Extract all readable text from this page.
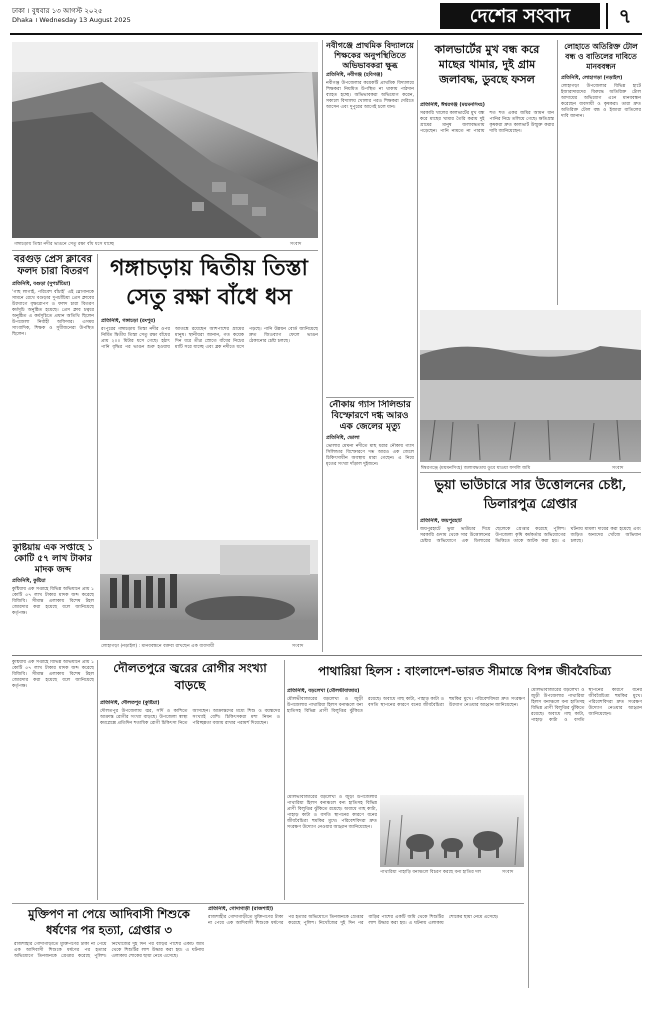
ঢাকা । বুধবার ১৩ আগস্ট ২০২৫
Dhaka । Wednesday 13 August 2025	দেশের সংবাদ	৭
গঙ্গাচড়ায় তিস্তা নদীর ভাঙনে সেতু রক্ষা বাঁধ ধসে যাচ্ছে	সংবাদ
বরগুড় প্রেস ক্লাবের ফলদ চারা বিতরণ
প্রতিনিধি, বগুড়া (দুপচাঁচিয়া)
‘গাছ লাগাই, পরিবেশ বাঁচাই’ এই স্লোগানকে সামনে রেখে বগুড়ার দুপচাঁচিয়া প্রেস ক্লাবের উদ্যোগে বৃক্ষরোপণ ও ফলদ চারা বিতরণ কর্মসূচি অনুষ্ঠিত হয়েছে। প্রেস ক্লাব চত্বরে অনুষ্ঠিত এ কর্মসূচিতে প্রধান অতিথি ছিলেন উপজেলা নির্বাহী অফিসার। এসময় সাংবাদিক, শিক্ষক ও সুধীজনেরা উপস্থিত ছিলেন।
গঙ্গাচড়ায় দ্বিতীয় তিস্তা সেতু রক্ষা বাঁধে ধস
প্রতিনিধি, গঙ্গাচড়া (রংপুর)
রংপুরের গঙ্গাচড়ায় তিস্তা নদীর ওপর নির্মিত দ্বিতীয় তিস্তা সেতু রক্ষা বাঁধের প্রায় ২০০ মিটার ধসে গেছে। হঠাৎ পানি বৃদ্ধির পর ভাঙন শুরু হওয়ায় আতঙ্কে রয়েছেন আশপাশের গ্রামের মানুষ। স্থানীয়রা জানান, গত কয়েক দিন ধরে তীব্র স্রোতে বাঁধের নিচের মাটি সরে যাচ্ছে এবং ব্লক নদীতে ধসে পড়ছে। পানি উন্নয়ন বোর্ড জানিয়েছে দ্রুত জিওব্যাগ ফেলে ভাঙন ঠেকানোর চেষ্টা চলছে।
কুষ্টিয়ায় এক সপ্তাহে ১ কোটি ৫৭ লাখ টাকার মাদক জব্দ
প্রতিনিধি, কুষ্টিয়া
কুষ্টিয়ায় এক সপ্তাহে বিভিন্ন অভিযানে প্রায় ১ কোটি ৫৭ লাখ টাকার মাদক জব্দ করেছে বিজিবি। সীমান্ত এলাকায় বিশেষ টহল জোরদার করা হয়েছে বলে জানিয়েছে কর্তৃপক্ষ।
লোহাগড়া (নড়াইল) : মানববন্ধনে বক্তব্য রাখছেন এক ব্যবসায়ী	সংবাদ
নবীগঞ্জে প্রাথমিক বিদ্যালয়ে শিক্ষকের অনুপস্থিতিতে অভিভাবকরা ক্ষুব্ধ
প্রতিনিধি, নবীগঞ্জ (হবিগঞ্জ)
নবীগঞ্জ উপজেলার কয়েকটি প্রাথমিক বিদ্যালয়ে শিক্ষকরা নিয়মিত উপস্থিত না থাকায় পাঠদান ব্যাহত হচ্ছে। অভিভাবকরা অভিযোগ করেন, সকালে বিদ্যালয় খোলার পরও শিক্ষকরা দেরিতে আসেন এবং দুপুরের আগেই চলে যান।
নৌকায় গ্যাস সিলিন্ডার বিস্ফোরণে দগ্ধ আরও এক জেলের মৃত্যু
প্রতিনিধি, ভোলা
ভোলার মেঘনা নদীতে মাছ ধরার নৌকায় গ্যাস সিলিন্ডার বিস্ফোরণে দগ্ধ আরও এক জেলে চিকিৎসাধীন অবস্থায় মারা গেছেন। এ নিয়ে মৃতের সংখ্যা দাঁড়াল দুইজনে।
কালভার্টের মুখ বন্ধ করে মাছের খামার, দুই গ্রাম জলাবদ্ধ, ডুবছে ফসল
প্রতিনিধি, ঈশ্বরগঞ্জ (ময়মনসিংহ)
সরকারি খালের কালভার্টের মুখ বন্ধ করে মাছের খামার তৈরি করায় দুই গ্রামের মানুষ জলাবদ্ধতায় পড়েছেন। পানি নামতে না পারায় শত শত একর জমির আমন ধান পানির নিচে তলিয়ে গেছে। ক্ষতিগ্রস্ত কৃষকরা দ্রুত কালভার্ট উন্মুক্ত করার দাবি জানিয়েছেন।
লোহাতে অতিরিক্ত টোল বন্ধ ও বাতিলের দাবিতে মানববন্ধন
প্রতিনিধি, লোহাগড়া (নড়াইল)
লোহাগড়া উপজেলার বিভিন্ন হাটে ইজারাদারদের বিরুদ্ধে অতিরিক্ত টোল আদায়ের অভিযোগ এনে মানববন্ধন করেছেন ব্যবসায়ী ও কৃষকরা। তারা দ্রুত অতিরিক্ত টোল বন্ধ ও ইজারা বাতিলের দাবি জানান।
ঈশ্বরগঞ্জে (ময়মনসিংহ) জলাবদ্ধতায় ডুবে যাওয়া ফসলি জমি	সংবাদ
ভুয়া ভাউচারে সার উত্তোলনের চেষ্টা, ডিলারপুত্র গ্রেপ্তার
প্রতিনিধি, জয়পুরহাট
জয়পুরহাটে ভুয়া ভাউচার দিয়ে সরকারি গুদাম থেকে সার উত্তোলনের চেষ্টার অভিযোগে এক ডিলারের ছেলেকে গ্রেপ্তার করেছে পুলিশ। উপজেলা কৃষি কর্মকর্তার অভিযোগের ভিত্তিতে তাকে আটক করা হয়। এ ঘটনায় মামলা দায়ের করা হয়েছে এবং জড়িত অন্যদের খোঁজে অভিযান চলছে।
দৌলতপুরে জ্বরের রোগীর সংখ্যা বাড়ছে
প্রতিনিধি, দৌলতপুর (কুষ্টিয়া)
দৌলতপুর উপজেলায় জ্বর, সর্দি ও কাশিতে আক্রান্ত রোগীর সংখ্যা বাড়ছে। উপজেলা স্বাস্থ্য কমপ্লেক্সে প্রতিদিন শতাধিক রোগী চিকিৎসা নিতে আসছেন। আক্রান্তদের মধ্যে শিশু ও বয়স্কদের সংখ্যাই বেশি। চিকিৎসকরা মশা নিধন ও পরিচ্ছন্নতা বজায় রাখার পরামর্শ দিয়েছেন।
কুষ্টিয়ায় এক সপ্তাহে বিভিন্ন অভিযানে প্রায় ১ কোটি ৫৭ লাখ টাকার মাদক জব্দ করেছে বিজিবি। সীমান্ত এলাকায় বিশেষ টহল জোরদার করা হয়েছে বলে জানিয়েছে কর্তৃপক্ষ।
পাথারিয়া হিলস : বাংলাদেশ-ভারত সীমান্তে বিপন্ন জীববৈচিত্র্য
প্রতিনিধি, বড়লেখা (মৌলভীবাজার)
মৌলভীবাজারের বড়লেখা ও জুড়ী উপজেলার পাথারিয়া হিলস বনাঞ্চলে বন্য হাতিসহ বিভিন্ন প্রাণী বিলুপ্তির ঝুঁকিতে রয়েছে। অবাধে গাছ কাটা, পাহাড় কাটা ও বসতি স্থাপনের কারণে বনের জীববৈচিত্র্য হুমকির মুখে। পরিবেশবিদরা দ্রুত সংরক্ষণ উদ্যোগ নেওয়ার আহ্বান জানিয়েছেন।
মৌলভীবাজারের বড়লেখা ও জুড়ী উপজেলার পাথারিয়া হিলস বনাঞ্চলে বন্য হাতিসহ বিভিন্ন প্রাণী বিলুপ্তির ঝুঁকিতে রয়েছে। অবাধে গাছ কাটা, পাহাড় কাটা ও বসতি স্থাপনের কারণে বনের জীববৈচিত্র্য হুমকির মুখে। পরিবেশবিদরা দ্রুত সংরক্ষণ উদ্যোগ নেওয়ার আহ্বান জানিয়েছেন।
পাথারিয়া পাহাড়ি বনাঞ্চলে বিচরণ করছে বন্য হাতির দল	সংবাদ
মৌলভীবাজারের বড়লেখা ও জুড়ী উপজেলার পাথারিয়া হিলস বনাঞ্চলে বন্য হাতিসহ বিভিন্ন প্রাণী বিলুপ্তির ঝুঁকিতে রয়েছে। অবাধে গাছ কাটা, পাহাড় কাটা ও বসতি স্থাপনের কারণে বনের জীববৈচিত্র্য হুমকির মুখে। পরিবেশবিদরা দ্রুত সংরক্ষণ উদ্যোগ নেওয়ার আহ্বান জানিয়েছেন।
মুক্তিপণ না পেয়ে আদিবাসী শিশুকে ধর্ষণের পর হত্যা, গ্রেপ্তার ৩
প্রতিনিধি, গোদাগাড়ী (রাজশাহী)
রাজশাহীর গোদাগাড়ীতে মুক্তিপণের টাকা না পেয়ে এক আদিবাসী শিশুকে ধর্ষণের পর হত্যার অভিযোগে তিনজনকে গ্রেপ্তার করেছে পুলিশ। নিখোঁজের দুই দিন পর বাড়ির পাশের একটি জমি থেকে শিশুটির লাশ উদ্ধার করা হয়। এ ঘটনায় এলাকায় শোকের ছায়া নেমে এসেছে।
রাজশাহীর গোদাগাড়ীতে মুক্তিপণের টাকা না পেয়ে এক আদিবাসী শিশুকে ধর্ষণের পর হত্যার অভিযোগে তিনজনকে গ্রেপ্তার করেছে পুলিশ। নিখোঁজের দুই দিন পর বাড়ির পাশের একটি জমি থেকে শিশুটির লাশ উদ্ধার করা হয়। এ ঘটনায় এলাকায় শোকের ছায়া নেমে এসেছে।
